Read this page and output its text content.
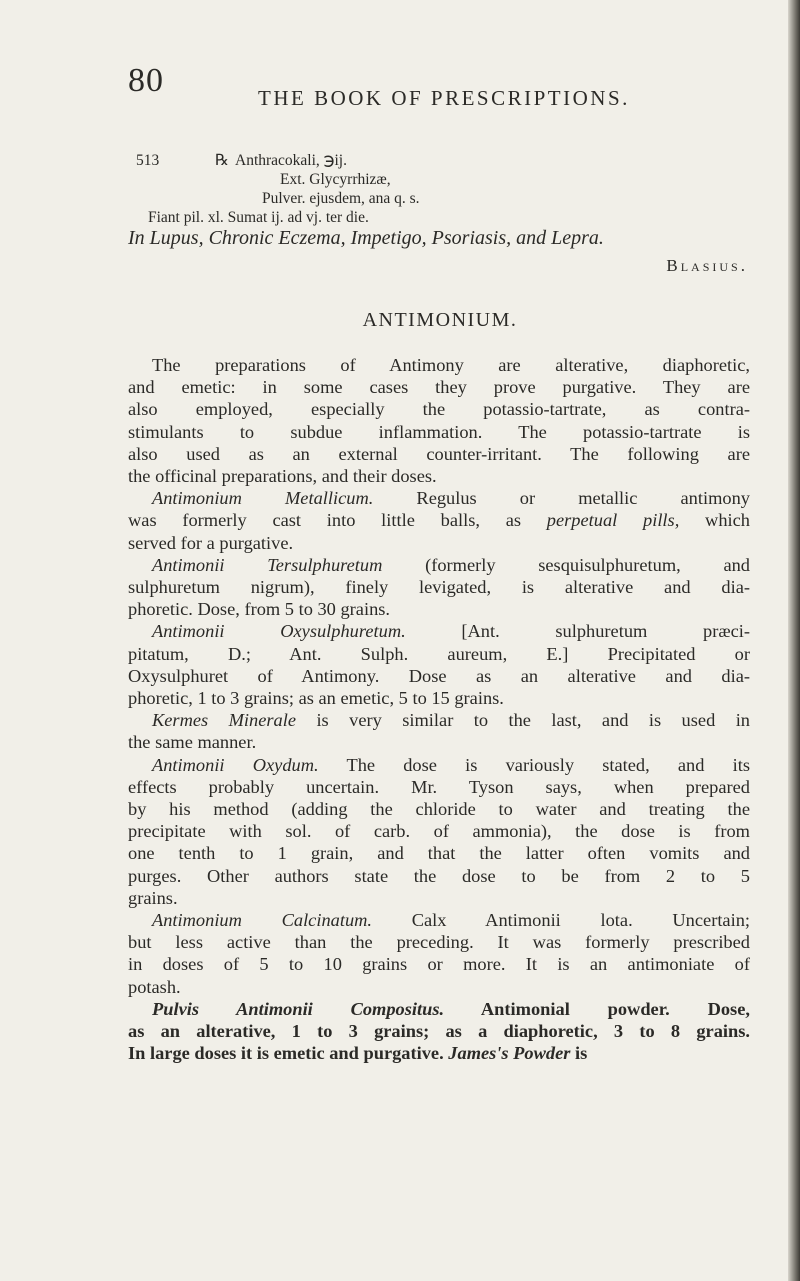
80	THE BOOK OF PRESCRIPTIONS.
513	℞ Anthracokali, ℈ij.
Ext. Glycyrrhizæ,
Pulver. ejusdem, ana q. s.
Fiant pil. xl. Sumat ij. ad vj. ter die.
In Lupus, Chronic Eczema, Impetigo, Psoriasis, and Lepra.
Blasius.
ANTIMONIUM.
The preparations of Antimony are alterative, diaphoretic,
and emetic: in some cases they prove purgative. They are
also employed, especially the potassio-tartrate, as contra-
stimulants to subdue inflammation. The potassio-tartrate is
also used as an external counter-irritant. The following are
the officinal preparations, and their doses.
Antimonium Metallicum. Regulus or metallic antimony
was formerly cast into little balls, as perpetual pills, which
served for a purgative.
Antimonii Tersulphuretum (formerly sesquisulphuretum, and
sulphuretum nigrum), finely levigated, is alterative and dia-
phoretic. Dose, from 5 to 30 grains.
Antimonii Oxysulphuretum. [Ant. sulphuretum præci-
pitatum, D.; Ant. Sulph. aureum, E.] Precipitated or
Oxysulphuret of Antimony. Dose as an alterative and dia-
phoretic, 1 to 3 grains; as an emetic, 5 to 15 grains.
Kermes Minerale is very similar to the last, and is used in
the same manner.
Antimonii Oxydum. The dose is variously stated, and its
effects probably uncertain. Mr. Tyson says, when prepared
by his method (adding the chloride to water and treating the
precipitate with sol. of carb. of ammonia), the dose is from
one tenth to 1 grain, and that the latter often vomits and
purges. Other authors state the dose to be from 2 to 5
grains.
Antimonium Calcinatum. Calx Antimonii lota. Uncertain;
but less active than the preceding. It was formerly prescribed
in doses of 5 to 10 grains or more. It is an antimoniate of
potash.
Pulvis Antimonii Compositus. Antimonial powder. Dose,
as an alterative, 1 to 3 grains; as a diaphoretic, 3 to 8 grains.
In large doses it is emetic and purgative. James's Powder is
